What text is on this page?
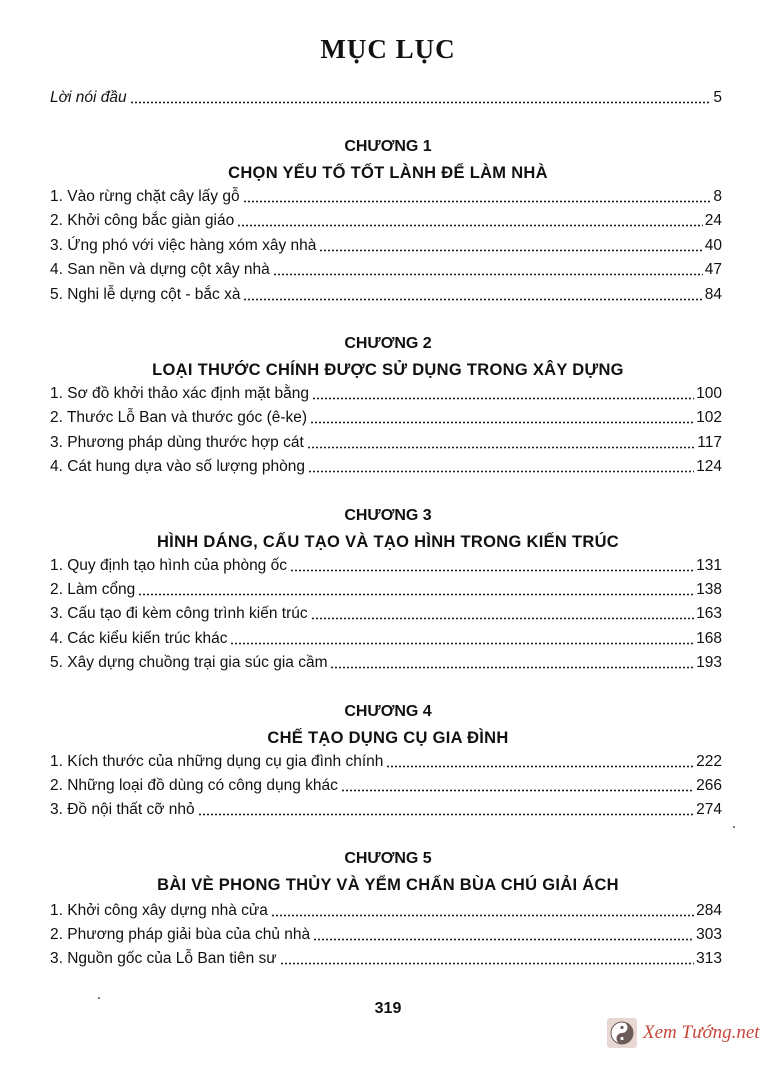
MỤC LỤC
Lời nói đầu	5
CHƯƠNG 1
CHỌN YẾU TỐ TỐT LÀNH ĐỂ LÀM NHÀ
1. Vào rừng chặt cây lấy gỗ	8
2. Khởi công bắc giàn giáo	24
3. Ứng phó với việc hàng xóm xây nhà	40
4. San nền và dựng cột xây nhà	47
5. Nghi lễ dựng cột - bắc xà	84
CHƯƠNG 2
LOẠI THƯỚC CHÍNH ĐƯỢC SỬ DỤNG TRONG XÂY DỰNG
1. Sơ đồ khởi thảo xác định mặt bằng	100
2. Thước Lỗ Ban và thước góc (ê-ke)	102
3. Phương pháp dùng thước hợp cát	117
4. Cát hung dựa vào số lượng phòng	124
CHƯƠNG 3
HÌNH DÁNG, CẤU TẠO VÀ TẠO HÌNH TRONG KIẾN TRÚC
1. Quy định tạo hình của phòng ốc	131
2. Làm cổng	138
3. Cấu tạo đi kèm công trình kiến trúc	163
4. Các kiểu kiến trúc khác	168
5. Xây dựng chuồng trại gia súc gia cầm	193
CHƯƠNG 4
CHẾ TẠO DỤNG CỤ GIA ĐÌNH
1. Kích thước của những dụng cụ gia đình chính	222
2. Những loại đồ dùng có công dụng khác	266
3. Đồ nội thất cỡ nhỏ	274
CHƯƠNG 5
BÀI VÈ PHONG THỦY VÀ YỂM CHẤN BÙA CHÚ GIẢI ÁCH
1. Khởi công xây dựng nhà cửa	284
2. Phương pháp giải bùa của chủ nhà	303
3. Nguồn gốc của Lỗ Ban tiên sư	313
319
Xem Tướng.net
